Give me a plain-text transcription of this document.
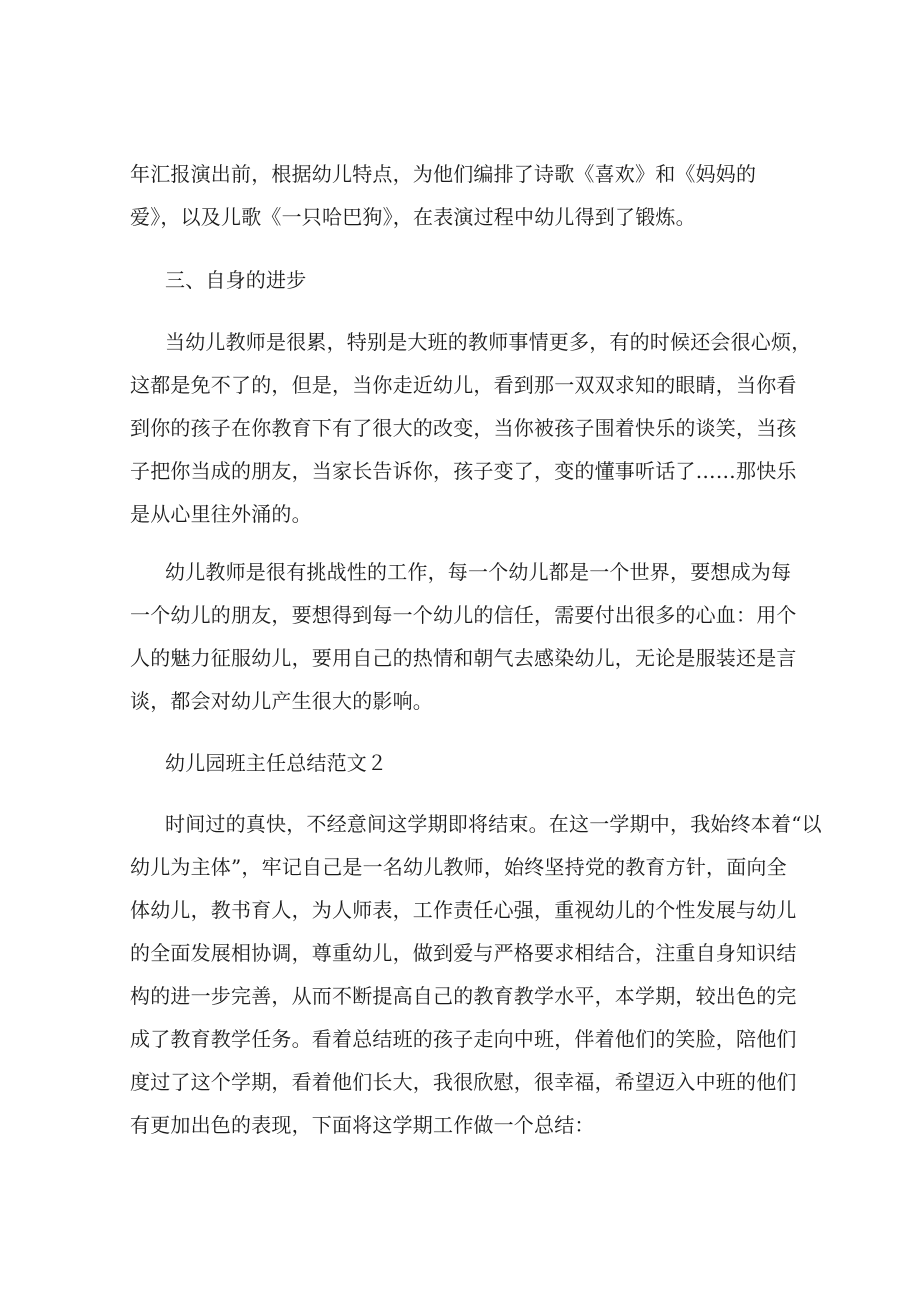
年汇报演出前，根据幼儿特点，为他们编排了诗歌《喜欢》和《妈妈的
爱》，以及儿歌《一只哈巴狗》，在表演过程中幼儿得到了锻炼。
三、自身的进步
当幼儿教师是很累，特别是大班的教师事情更多，有的时候还会很心烦，
这都是免不了的，但是，当你走近幼儿，看到那一双双求知的眼睛，当你看
到你的孩子在你教育下有了很大的改变，当你被孩子围着快乐的谈笑，当孩
子把你当成的朋友，当家长告诉你，孩子变了，变的懂事听话了……那快乐
是从心里往外涌的。
幼儿教师是很有挑战性的工作，每一个幼儿都是一个世界，要想成为每
一个幼儿的朋友，要想得到每一个幼儿的信任，需要付出很多的心血：用个
人的魅力征服幼儿，要用自己的热情和朝气去感染幼儿，无论是服装还是言
谈，都会对幼儿产生很大的影响。
幼儿园班主任总结范文２
时间过的真快，不经意间这学期即将结束。在这一学期中，我始终本着“以
幼儿为主体”，牢记自己是一名幼儿教师，始终坚持党的教育方针，面向全
体幼儿，教书育人，为人师表，工作责任心强，重视幼儿的个性发展与幼儿
的全面发展相协调，尊重幼儿，做到爱与严格要求相结合，注重自身知识结
构的进一步完善，从而不断提高自己的教育教学水平，本学期，较出色的完
成了教育教学任务。看着总结班的孩子走向中班，伴着他们的笑脸，陪他们
度过了这个学期，看着他们长大，我很欣慰，很幸福，希望迈入中班的他们
有更加出色的表现，下面将这学期工作做一个总结：
